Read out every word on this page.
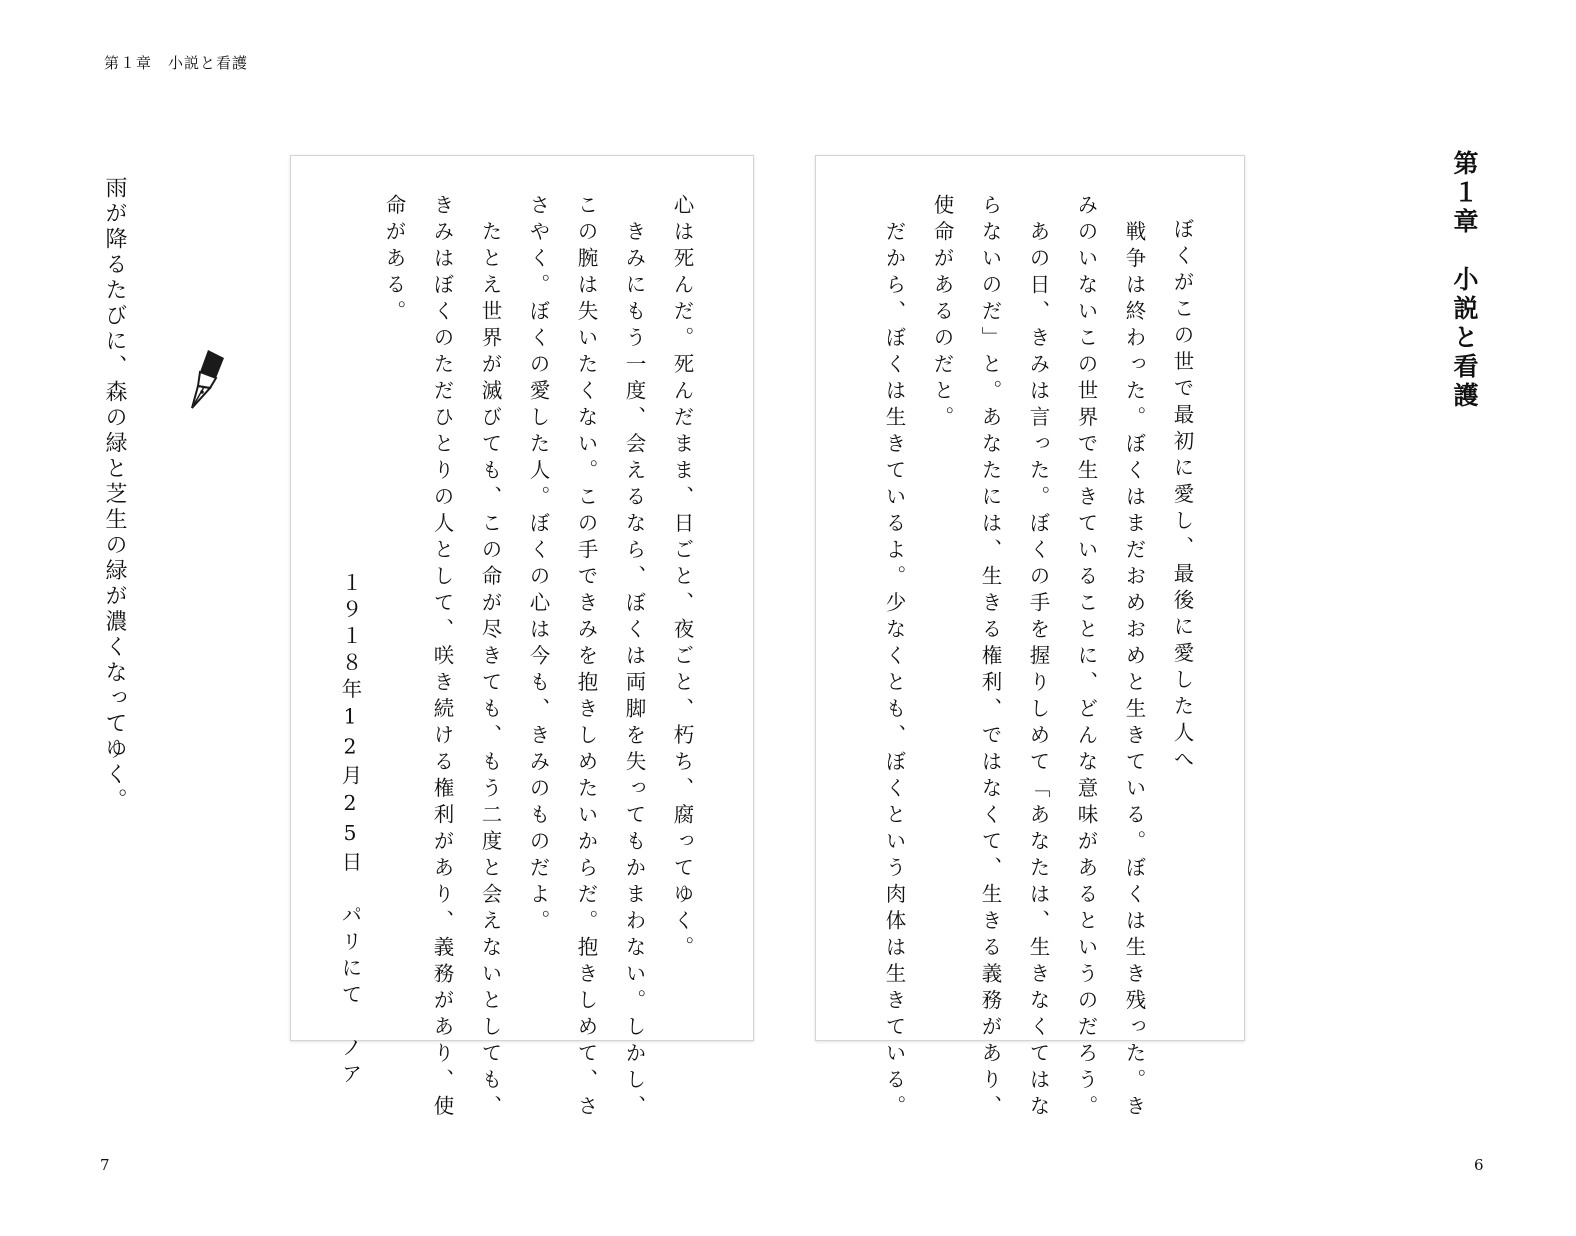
第１章　小説と看護

第１章　小説と看護

雨が降るたびに、森の緑と芝生の緑が濃くなってゆく。	ぼくがこの世で最初に愛し、最後に愛した人へ

　戦争は終わった。ぼくはまだおめおめと生きている。ぼくは生き残った。き

みのいないこの世界で生きていることに、どんな意味があるというのだろう。

　あの日、きみは言った。ぼくの手を握りしめて「あなたは、生きなくてはな

らないのだ」と。あなたには、生きる権利、ではなくて、生きる義務があり、

使命があるのだと。

　だから、ぼくは生きているよ。少なくとも、ぼくという肉体は生きている。

心は死んだ。死んだまま、日ごと、夜ごと、朽ち、腐ってゆく。

　きみにもう一度、会えるなら、ぼくは両脚を失ってもかまわない。しかし、

この腕は失いたくない。この手できみを抱きしめたいからだ。抱きしめて、さ

さやく。ぼくの愛した人。ぼくの心は今も、きみのものだよ。

　たとえ世界が滅びても、この命が尽きても、もう二度と会えないとしても、

きみはぼくのただひとりの人として、咲き続ける権利があり、義務があり、使

命がある。

１９１８年12月25日　パリにて　ノア

7	6
